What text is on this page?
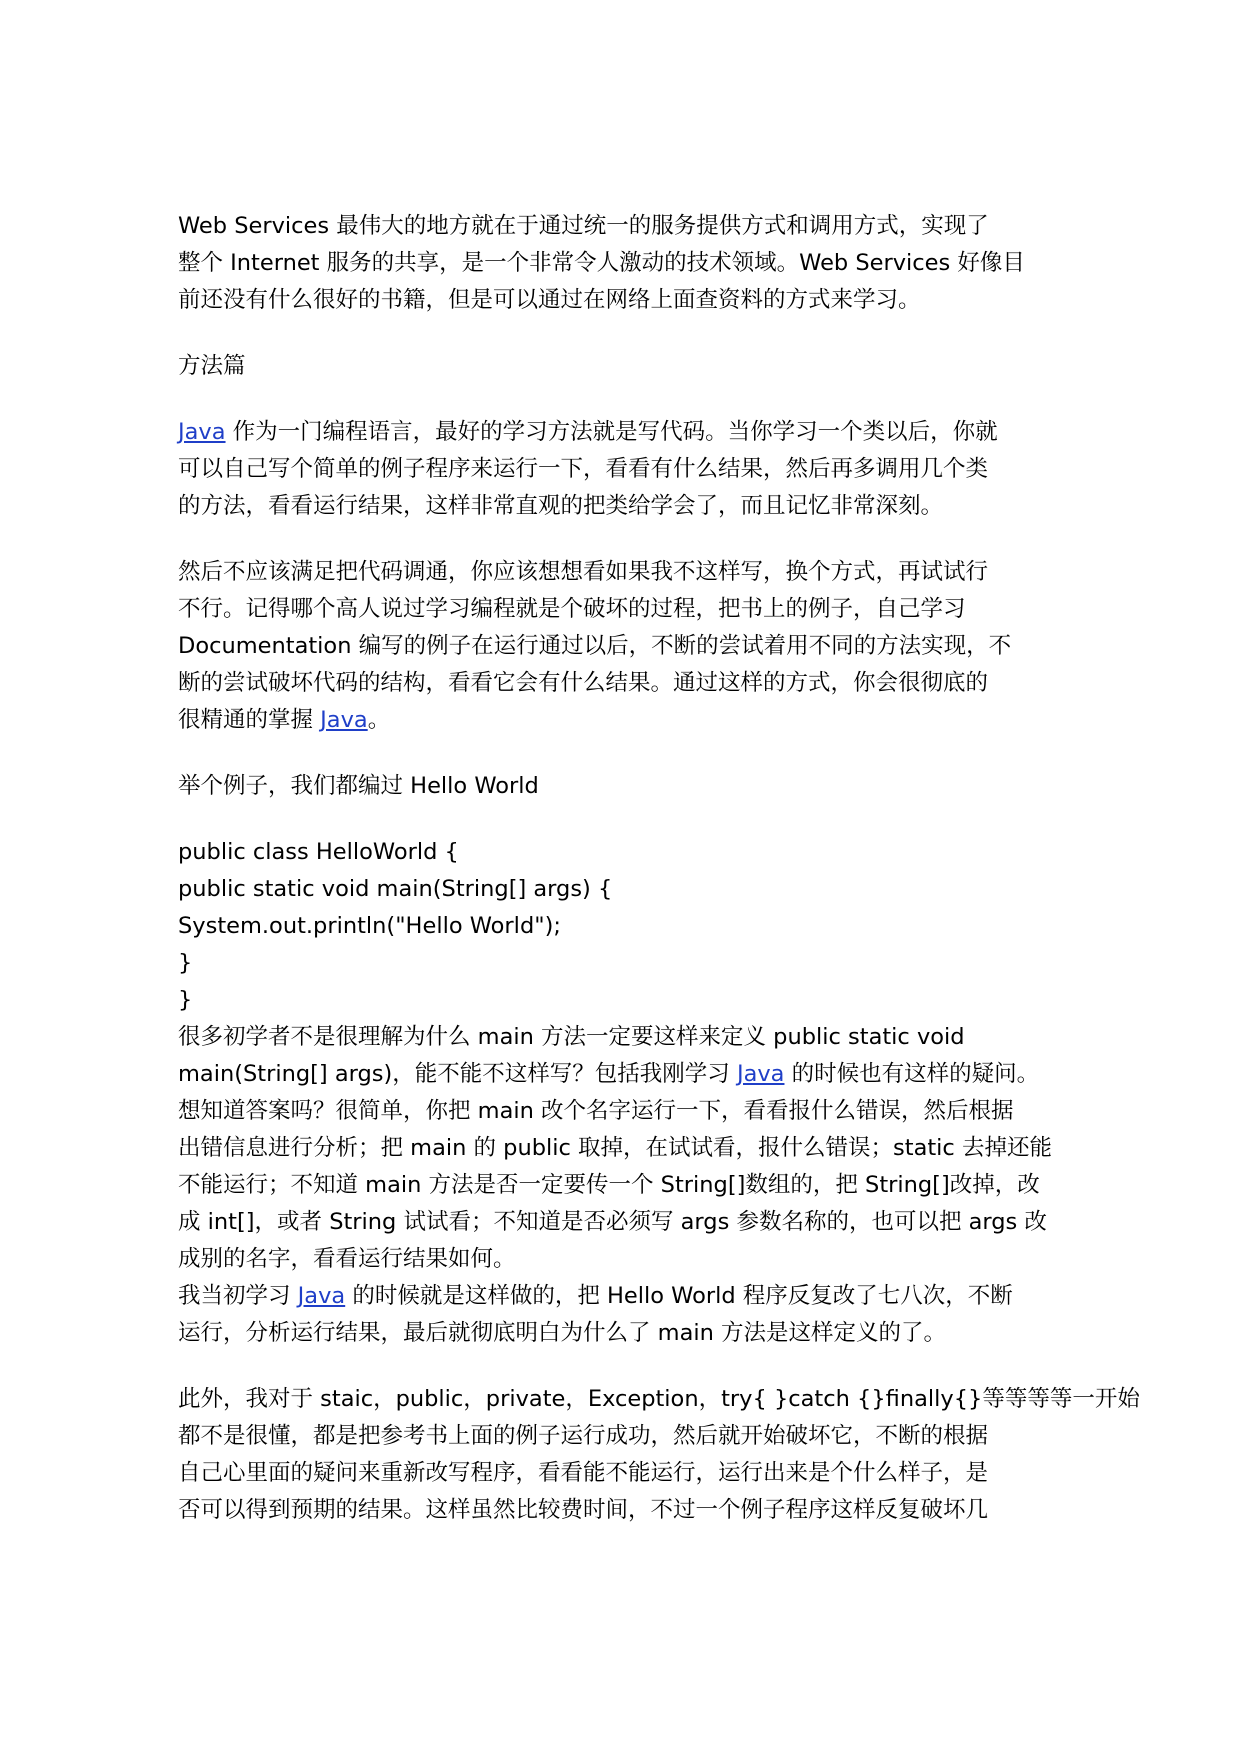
Web Services 最伟大的地方就在于通过统一的服务提供方式和调用方式，实现了
整个 Internet 服务的共享，是一个非常令人激动的技术领域。Web Services 好像目
前还没有什么很好的书籍，但是可以通过在网络上面查资料的方式来学习。
方法篇
Java 作为一门编程语言，最好的学习方法就是写代码。当你学习一个类以后，你就
可以自己写个简单的例子程序来运行一下，看看有什么结果，然后再多调用几个类
的方法，看看运行结果，这样非常直观的把类给学会了，而且记忆非常深刻。
然后不应该满足把代码调通，你应该想想看如果我不这样写，换个方式，再试试行
不行。记得哪个高人说过学习编程就是个破坏的过程，把书上的例子，自己学习
Documentation 编写的例子在运行通过以后，不断的尝试着用不同的方法实现，不
断的尝试破坏代码的结构，看看它会有什么结果。通过这样的方式，你会很彻底的
很精通的掌握 Java。
举个例子，我们都编过 Hello World
public class HelloWorld {
public static void main(String[] args) {
System.out.println("Hello World");
}
}
很多初学者不是很理解为什么 main 方法一定要这样来定义 public static void
main(String[] args)，能不能不这样写？包括我刚学习 Java 的时候也有这样的疑问。
想知道答案吗？很简单，你把 main 改个名字运行一下，看看报什么错误，然后根据
出错信息进行分析；把 main 的 public 取掉，在试试看，报什么错误；static 去掉还能
不能运行；不知道 main 方法是否一定要传一个 String[]数组的，把 String[]改掉，改
成 int[]，或者 String 试试看；不知道是否必须写 args 参数名称的，也可以把 args 改
成别的名字，看看运行结果如何。
我当初学习 Java 的时候就是这样做的，把 Hello World 程序反复改了七八次，不断
运行，分析运行结果，最后就彻底明白为什么了 main 方法是这样定义的了。
此外，我对于 staic，public，private，Exception，try{ }catch {}finally{}等等等等一开始
都不是很懂，都是把参考书上面的例子运行成功，然后就开始破坏它，不断的根据
自己心里面的疑问来重新改写程序，看看能不能运行，运行出来是个什么样子，是
否可以得到预期的结果。这样虽然比较费时间，不过一个例子程序这样反复破坏几
